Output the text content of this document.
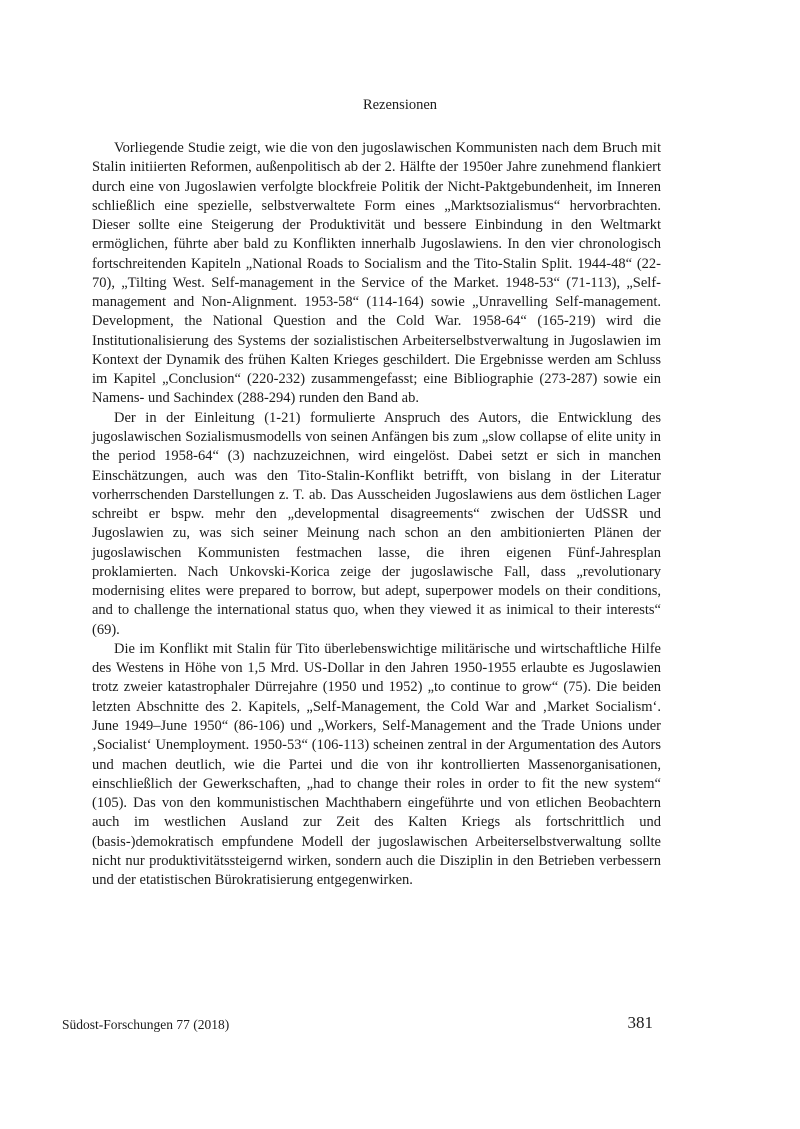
Rezensionen

Vorliegende Studie zeigt, wie die von den jugoslawischen Kommunisten nach dem Bruch mit Stalin initiierten Reformen, außenpolitisch ab der 2. Hälfte der 1950er Jahre zunehmend flankiert durch eine von Jugoslawien verfolgte blockfreie Politik der Nicht-Paktgebundenheit, im Inneren schließlich eine spezielle, selbstverwaltete Form eines „Marktsozialismus“ hervorbrachten. Dieser sollte eine Steigerung der Produktivität und bessere Einbindung in den Weltmarkt ermöglichen, führte aber bald zu Konflikten innerhalb Jugoslawiens. In den vier chronologisch fortschreitenden Kapiteln „National Roads to Socialism and the Tito-Stalin Split. 1944-48“ (22-70), „Tilting West. Self-management in the Service of the Market. 1948-53“ (71-113), „Self-management and Non-Alignment. 1953-58“ (114-164) sowie „Unravelling Self-management. Development, the National Question and the Cold War. 1958-64“ (165-219) wird die Institutionalisierung des Systems der sozialistischen Arbeiterselbstverwaltung in Jugoslawien im Kontext der Dynamik des frühen Kalten Krieges geschildert. Die Ergebnisse werden am Schluss im Kapitel „Conclusion“ (220-232) zusammengefasst; eine Bibliographie (273-287) sowie ein Namens- und Sachindex (288-294) runden den Band ab.

Der in der Einleitung (1-21) formulierte Anspruch des Autors, die Entwicklung des jugoslawischen Sozialismusmodells von seinen Anfängen bis zum „slow collapse of elite unity in the period 1958-64“ (3) nachzuzeichnen, wird eingelöst. Dabei setzt er sich in manchen Einschätzungen, auch was den Tito-Stalin-Konflikt betrifft, von bislang in der Literatur vorherrschenden Darstellungen z. T. ab. Das Ausscheiden Jugoslawiens aus dem östlichen Lager schreibt er bspw. mehr den „developmental disagreements“ zwischen der UdSSR und Jugoslawien zu, was sich seiner Meinung nach schon an den ambitionierten Plänen der jugoslawischen Kommunisten festmachen lasse, die ihren eigenen Fünf-Jahresplan proklamierten. Nach Unkovski-Korica zeige der jugoslawische Fall, dass „revolutionary modernising elites were prepared to borrow, but adept, superpower models on their conditions, and to challenge the international status quo, when they viewed it as inimical to their interests“ (69).

Die im Konflikt mit Stalin für Tito überlebenswichtige militärische und wirtschaftliche Hilfe des Westens in Höhe von 1,5 Mrd. US-Dollar in den Jahren 1950-1955 erlaubte es Jugoslawien trotz zweier katastrophaler Dürrejahre (1950 und 1952) „to continue to grow“ (75). Die beiden letzten Abschnitte des 2. Kapitels, „Self-Management, the Cold War and ‚Market Socialism‘. June 1949–June 1950“ (86-106) und „Workers, Self-Management and the Trade Unions under ‚Socialist‘ Unemployment. 1950-53“ (106-113) scheinen zentral in der Argumentation des Autors und machen deutlich, wie die Partei und die von ihr kontrollierten Massenorganisationen, einschließlich der Gewerkschaften, „had to change their roles in order to fit the new system“ (105). Das von den kommunistischen Machthabern eingeführte und von etlichen Beobachtern auch im westlichen Ausland zur Zeit des Kalten Kriegs als fortschrittlich und (basis-)demokratisch empfundene Modell der jugoslawischen Arbeiterselbstverwaltung sollte nicht nur produktivitätssteigernd wirken, sondern auch die Disziplin in den Betrieben verbessern und der etatistischen Bürokratisierung entgegenwirken.

Südost-Forschungen 77 (2018)	381
